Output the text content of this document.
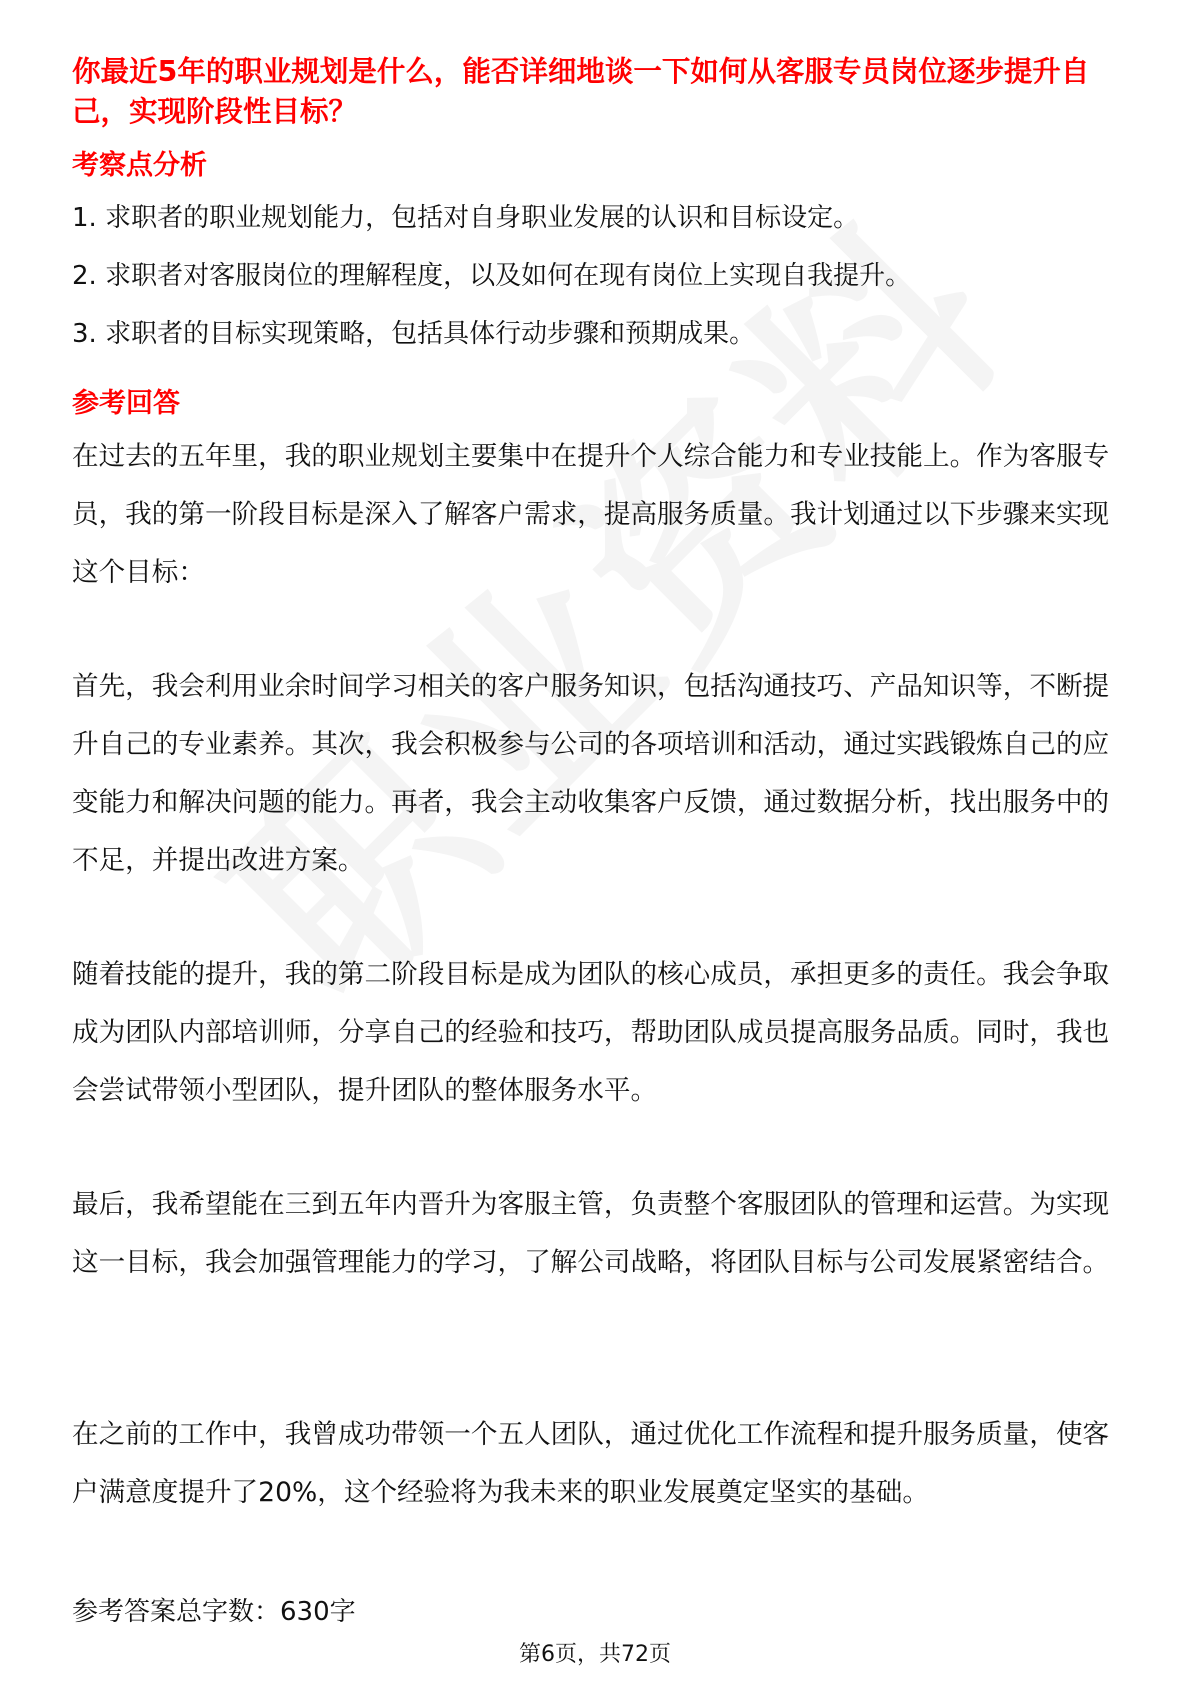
你最近5年的职业规划是什么，能否详细地谈一下如何从客服专员岗位逐步提升自己，实现阶段性目标？
考察点分析
1. 求职者的职业规划能力，包括对自身职业发展的认识和目标设定。
2. 求职者对客服岗位的理解程度，以及如何在现有岗位上实现自我提升。
3. 求职者的目标实现策略，包括具体行动步骤和预期成果。
参考回答
在过去的五年里，我的职业规划主要集中在提升个人综合能力和专业技能上。作为客服专员，我的第一阶段目标是深入了解客户需求，提高服务质量。我计划通过以下步骤来实现这个目标：
首先，我会利用业余时间学习相关的客户服务知识，包括沟通技巧、产品知识等，不断提升自己的专业素养。其次，我会积极参与公司的各项培训和活动，通过实践锻炼自己的应变能力和解决问题的能力。再者，我会主动收集客户反馈，通过数据分析，找出服务中的不足，并提出改进方案。
随着技能的提升，我的第二阶段目标是成为团队的核心成员，承担更多的责任。我会争取成为团队内部培训师，分享自己的经验和技巧，帮助团队成员提高服务品质。同时，我也会尝试带领小型团队，提升团队的整体服务水平。
最后，我希望能在三到五年内晋升为客服主管，负责整个客服团队的管理和运营。为实现这一目标，我会加强管理能力的学习，了解公司战略，将团队目标与公司发展紧密结合。
在之前的工作中，我曾成功带领一个五人团队，通过优化工作流程和提升服务质量，使客户满意度提升了20%，这个经验将为我未来的职业发展奠定坚实的基础。
参考答案总字数：630字
第6页，共72页
